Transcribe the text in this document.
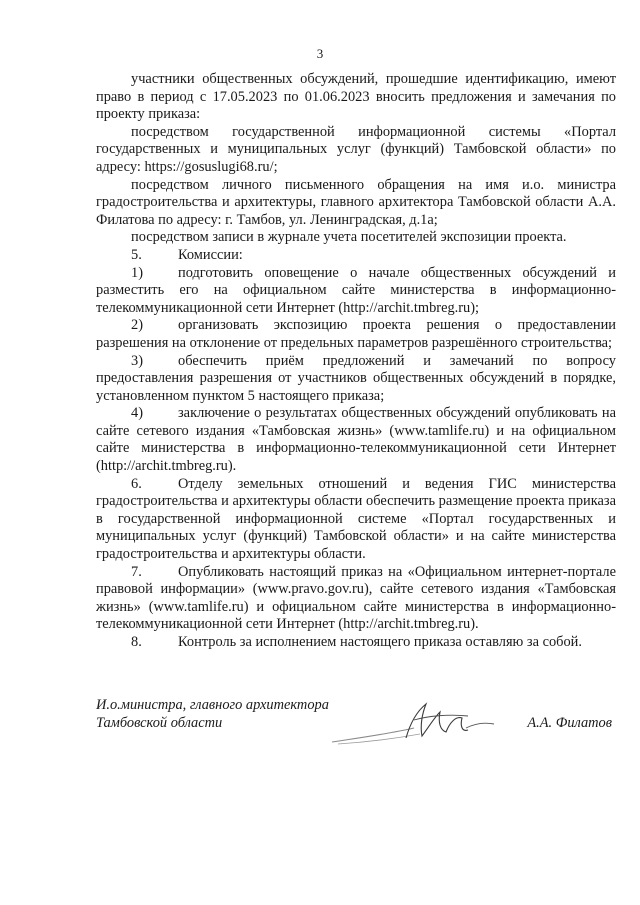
3

участники общественных обсуждений, прошедшие идентификацию, имеют право в период с 17.05.2023 по 01.06.2023 вносить предложения и замечания по проекту приказа:

посредством государственной информационной системы «Портал государственных и муниципальных услуг (функций) Тамбовской области» по адресу: https://gosuslugi68.ru/;

посредством личного письменного обращения на имя и.о. министра градостроительства и архитектуры, главного архитектора Тамбовской области А.А. Филатова по адресу: г. Тамбов, ул. Ленинградская, д.1а;

посредством записи в журнале учета посетителей экспозиции проекта.

5.	Комиссии:

1) подготовить оповещение о начале общественных обсуждений и разместить его на официальном сайте министерства в информационно-телекоммуникационной сети Интернет (http://archit.tmbreg.ru);

2) организовать экспозицию проекта решения о предоставлении разрешения на отклонение от предельных параметров разрешённого строительства;

3) обеспечить приём предложений и замечаний по вопросу предоставления разрешения от участников общественных обсуждений в порядке, установленном пунктом 5 настоящего приказа;

4) заключение о результатах общественных обсуждений опубликовать на сайте сетевого издания «Тамбовская жизнь» (www.tamlife.ru) и на официальном сайте министерства в информационно-телекоммуникационной сети Интернет (http://archit.tmbreg.ru).

6.	Отделу земельных отношений и ведения ГИС министерства градостроительства и архитектуры области обеспечить размещение проекта приказа в государственной информационной системе «Портал государственных и муниципальных услуг (функций) Тамбовской области» и на сайте министерства градостроительства и архитектуры области.

7.	Опубликовать настоящий приказ на «Официальном интернет-портале правовой информации» (www.pravo.gov.ru), сайте сетевого издания «Тамбовская жизнь» (www.tamlife.ru) и официальном сайте министерства в информационно-телекоммуникационной сети Интернет (http://archit.tmbreg.ru).

8.	Контроль за исполнением настоящего приказа оставляю за собой.

И.о.министра, главного архитектора
Тамбовской области	А.А. Филатов
